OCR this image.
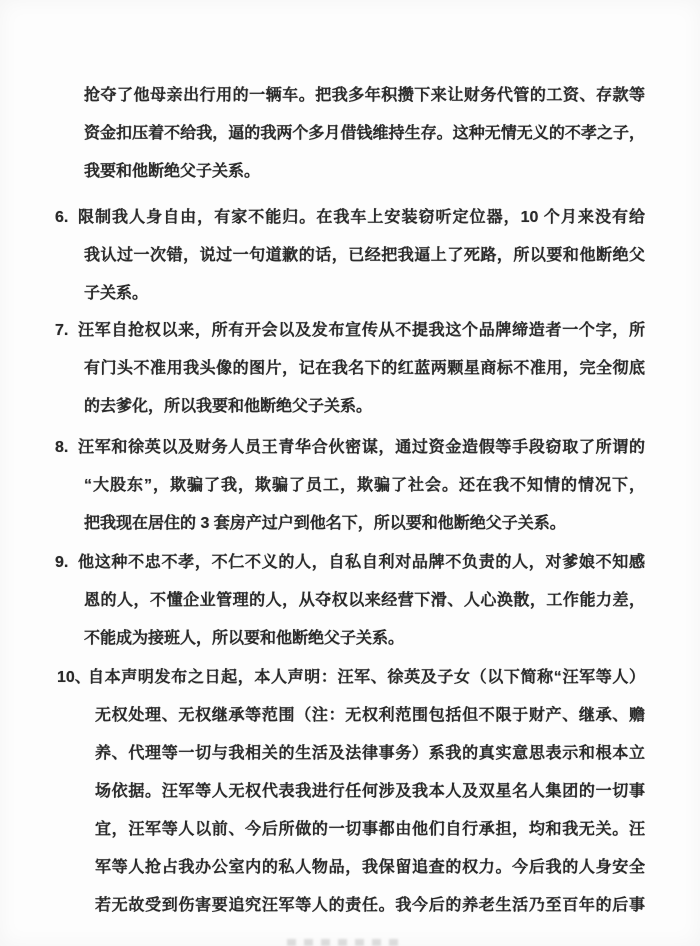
抢夺了他母亲出行用的一辆车。把我多年积攒下来让财务代管的工资、存款等
资金扣压着不给我，逼的我两个多月借钱维持生存。这种无情无义的不孝之子，
我要和他断绝父子关系。
6. 限制我人身自由，有家不能归。在我车上安装窃听定位器，10 个月来没有给
我认过一次错，说过一句道歉的话，已经把我逼上了死路，所以要和他断绝父
子关系。
7. 汪军自抢权以来，所有开会以及发布宣传从不提我这个品牌缔造者一个字，所
有门头不准用我头像的图片，记在我名下的红蓝两颗星商标不准用，完全彻底
的去爹化，所以我要和他断绝父子关系。
8. 汪军和徐英以及财务人员王青华合伙密谋，通过资金造假等手段窃取了所谓的
“大股东”，欺骗了我，欺骗了员工，欺骗了社会。还在我不知情的情况下，
把我现在居住的 3 套房产过户到他名下，所以要和他断绝父子关系。
9. 他这种不忠不孝，不仁不义的人，自私自利对品牌不负责的人，对爹娘不知感
恩的人，不懂企业管理的人，从夺权以来经营下滑、人心涣散，工作能力差，
不能成为接班人，所以要和他断绝父子关系。
10、
自本声明发布之日起，本人声明：汪军、徐英及子女（以下简称“汪军等人）
无权处理、无权继承等范围（注：无权利范围包括但不限于财产、继承、赡
养、代理等一切与我相关的生活及法律事务）系我的真实意思表示和根本立
场依据。汪军等人无权代表我进行任何涉及我本人及双星名人集团的一切事
宜，汪军等人以前、今后所做的一切事都由他们自行承担，均和我无关。汪
军等人抢占我办公室内的私人物品，我保留追查的权力。今后我的人身安全
若无故受到伤害要追究汪军等人的责任。我今后的养老生活乃至百年的后事
